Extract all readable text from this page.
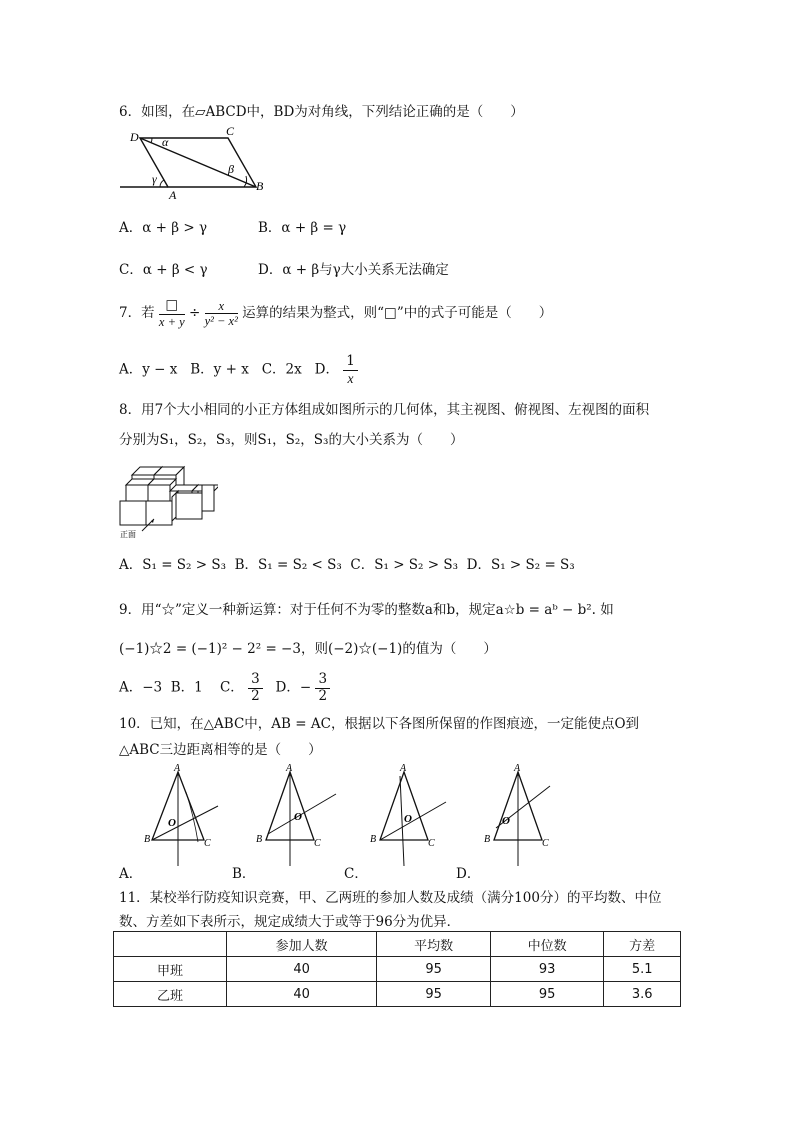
6．如图，在▱ABCD中，BD为对角线，下列结论正确的是（　　）
D	C
A
B
α
β
γ
A．α + β > γ	B．α + β = γ
C．α + β < γ	D．α + β与γ大小关系无法确定
7．若 $\frac{□}{x + y} \div \frac{x}{\text{y² − x²}}$ 运算的结果为整式，则“□”中的式子可能是（　　）
A．y − x B．y + x C．2x D． $\frac{1}{x}$
8．用7个大小相同的小正方体组成如图所示的几何体，其主视图、俯视图、左视图的面积
分别为S₁，S₂，S₃，则S₁，S₂，S₃的大小关系为（　　）
正面
A．S₁ = S₂ > S₃ B．S₁ = S₂ < S₃ C．S₁ > S₂ > S₃ D．S₁ > S₂ = S₃
9．用“☆”定义一种新运算：对于任何不为零的整数a和b，规定a☆b = aᵇ − b². 如
(−1)☆2 = (−1)² − 2² = −3，则(−2)☆(−1)的值为（　　）
A．−3 B．1 C． $\frac{3}{2}$ D．− $\frac{3}{2}$
10．已知，在△ABC中，AB = AC，根据以下各图所保留的作图痕迹，一定能使点O到
△ABC三边距离相等的是（　　）
A
B	C
O
A
B	C
O
A
B	C
O
A
B	C
O
A．	B．	C．	D．
11．某校举行防疫知识竞赛，甲、乙两班的参加人数及成绩（满分100分）的平均数、中位
数、方差如下表所示，规定成绩大于或等于96分为优异．
	参加人数	平均数	中位数	方差
甲班	40	95	93	5.1
乙班	40	95	95	3.6
